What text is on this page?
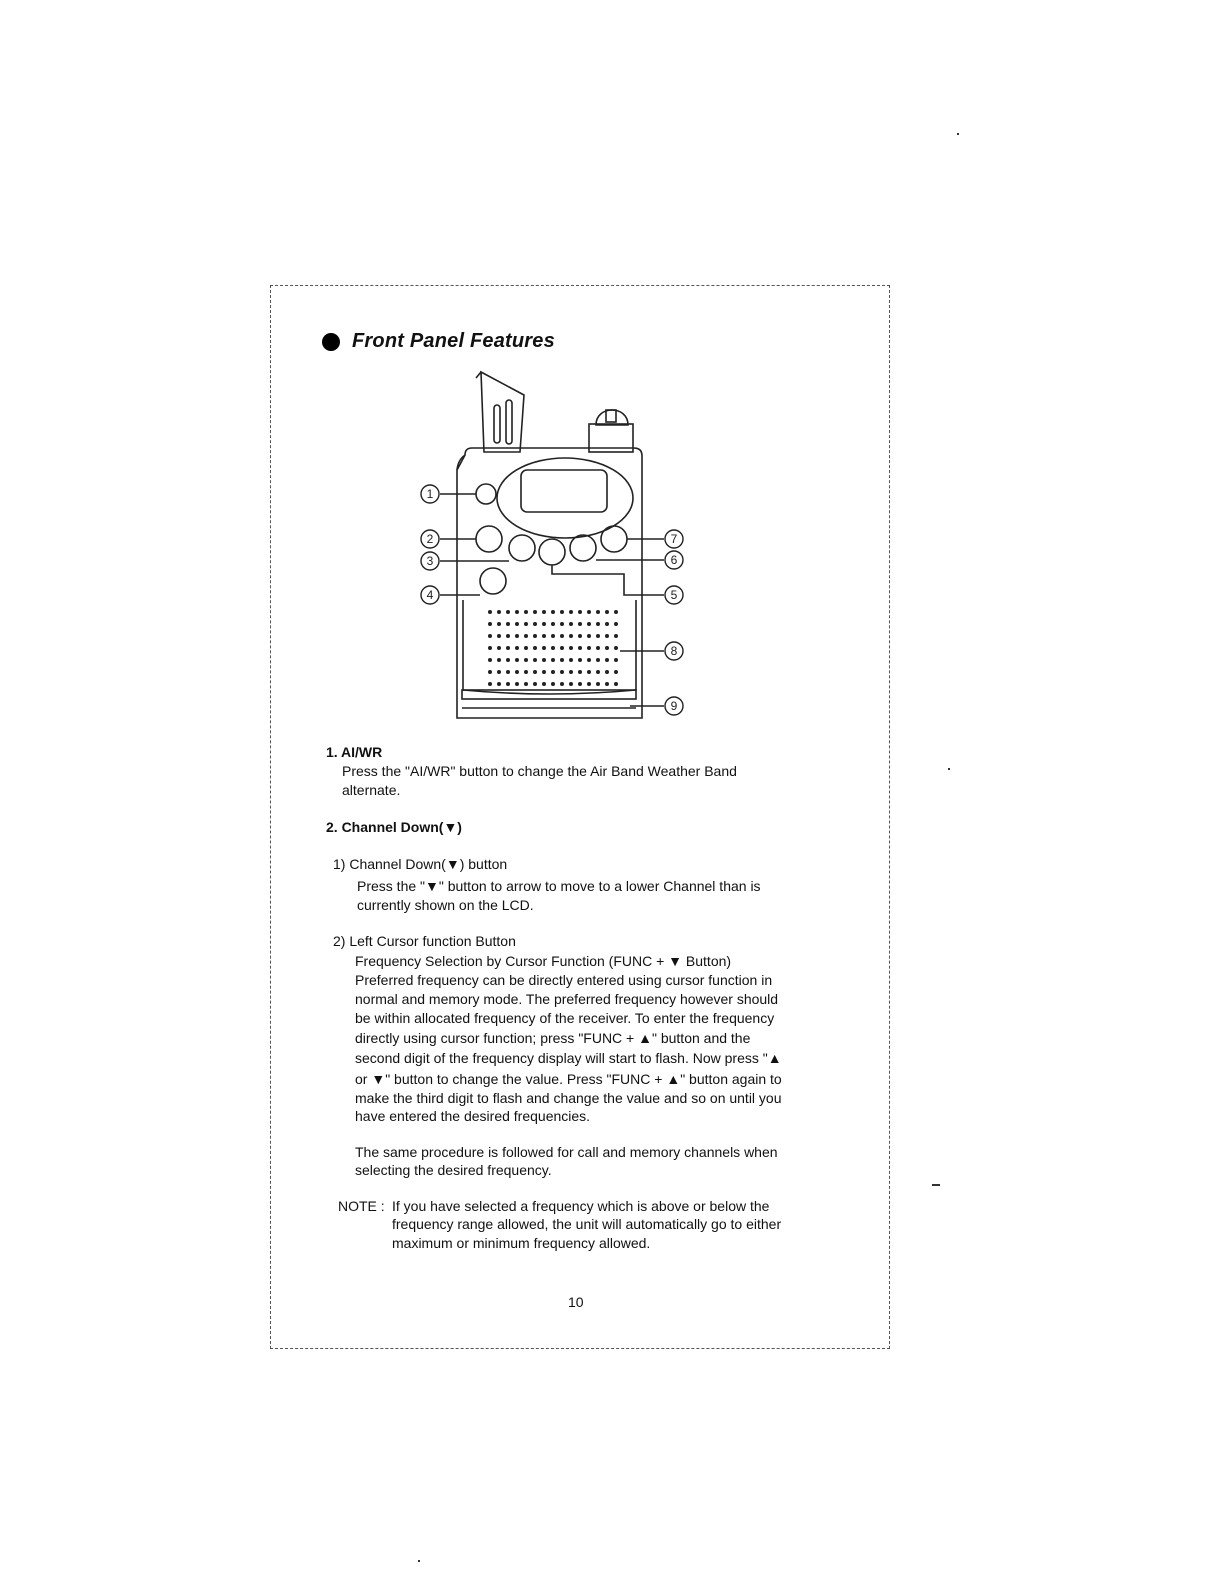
Front Panel Features
1
2
3
4	5
6
7
8
9

1. AI/WR

Press the "AI/WR" button to change the Air Band Weather Band

alternate.

2. Channel Down(▼)

1) Channel Down(▼) button

Press the "▼" button to arrow to move to a lower Channel than is

currently shown on the LCD.

2) Left Cursor function Button

Frequency Selection by Cursor Function (FUNC + ▼ Button)

Preferred frequency can be directly entered using cursor function in

normal and memory mode. The preferred frequency however should

be within allocated frequency of the receiver. To enter the frequency

directly using cursor function; press "FUNC + ▲" button and the

second digit of the frequency display will start to flash. Now press "▲

or ▼" button to change the value. Press "FUNC + ▲" button again to

make the third digit to flash and change the value and so on until you

have entered the desired frequencies.

The same procedure is followed for call and memory channels when

selecting the desired frequency.

NOTE : If you have selected a frequency which is above or below the

frequency range allowed, the unit will automatically go to either

maximum or minimum frequency allowed.

10
